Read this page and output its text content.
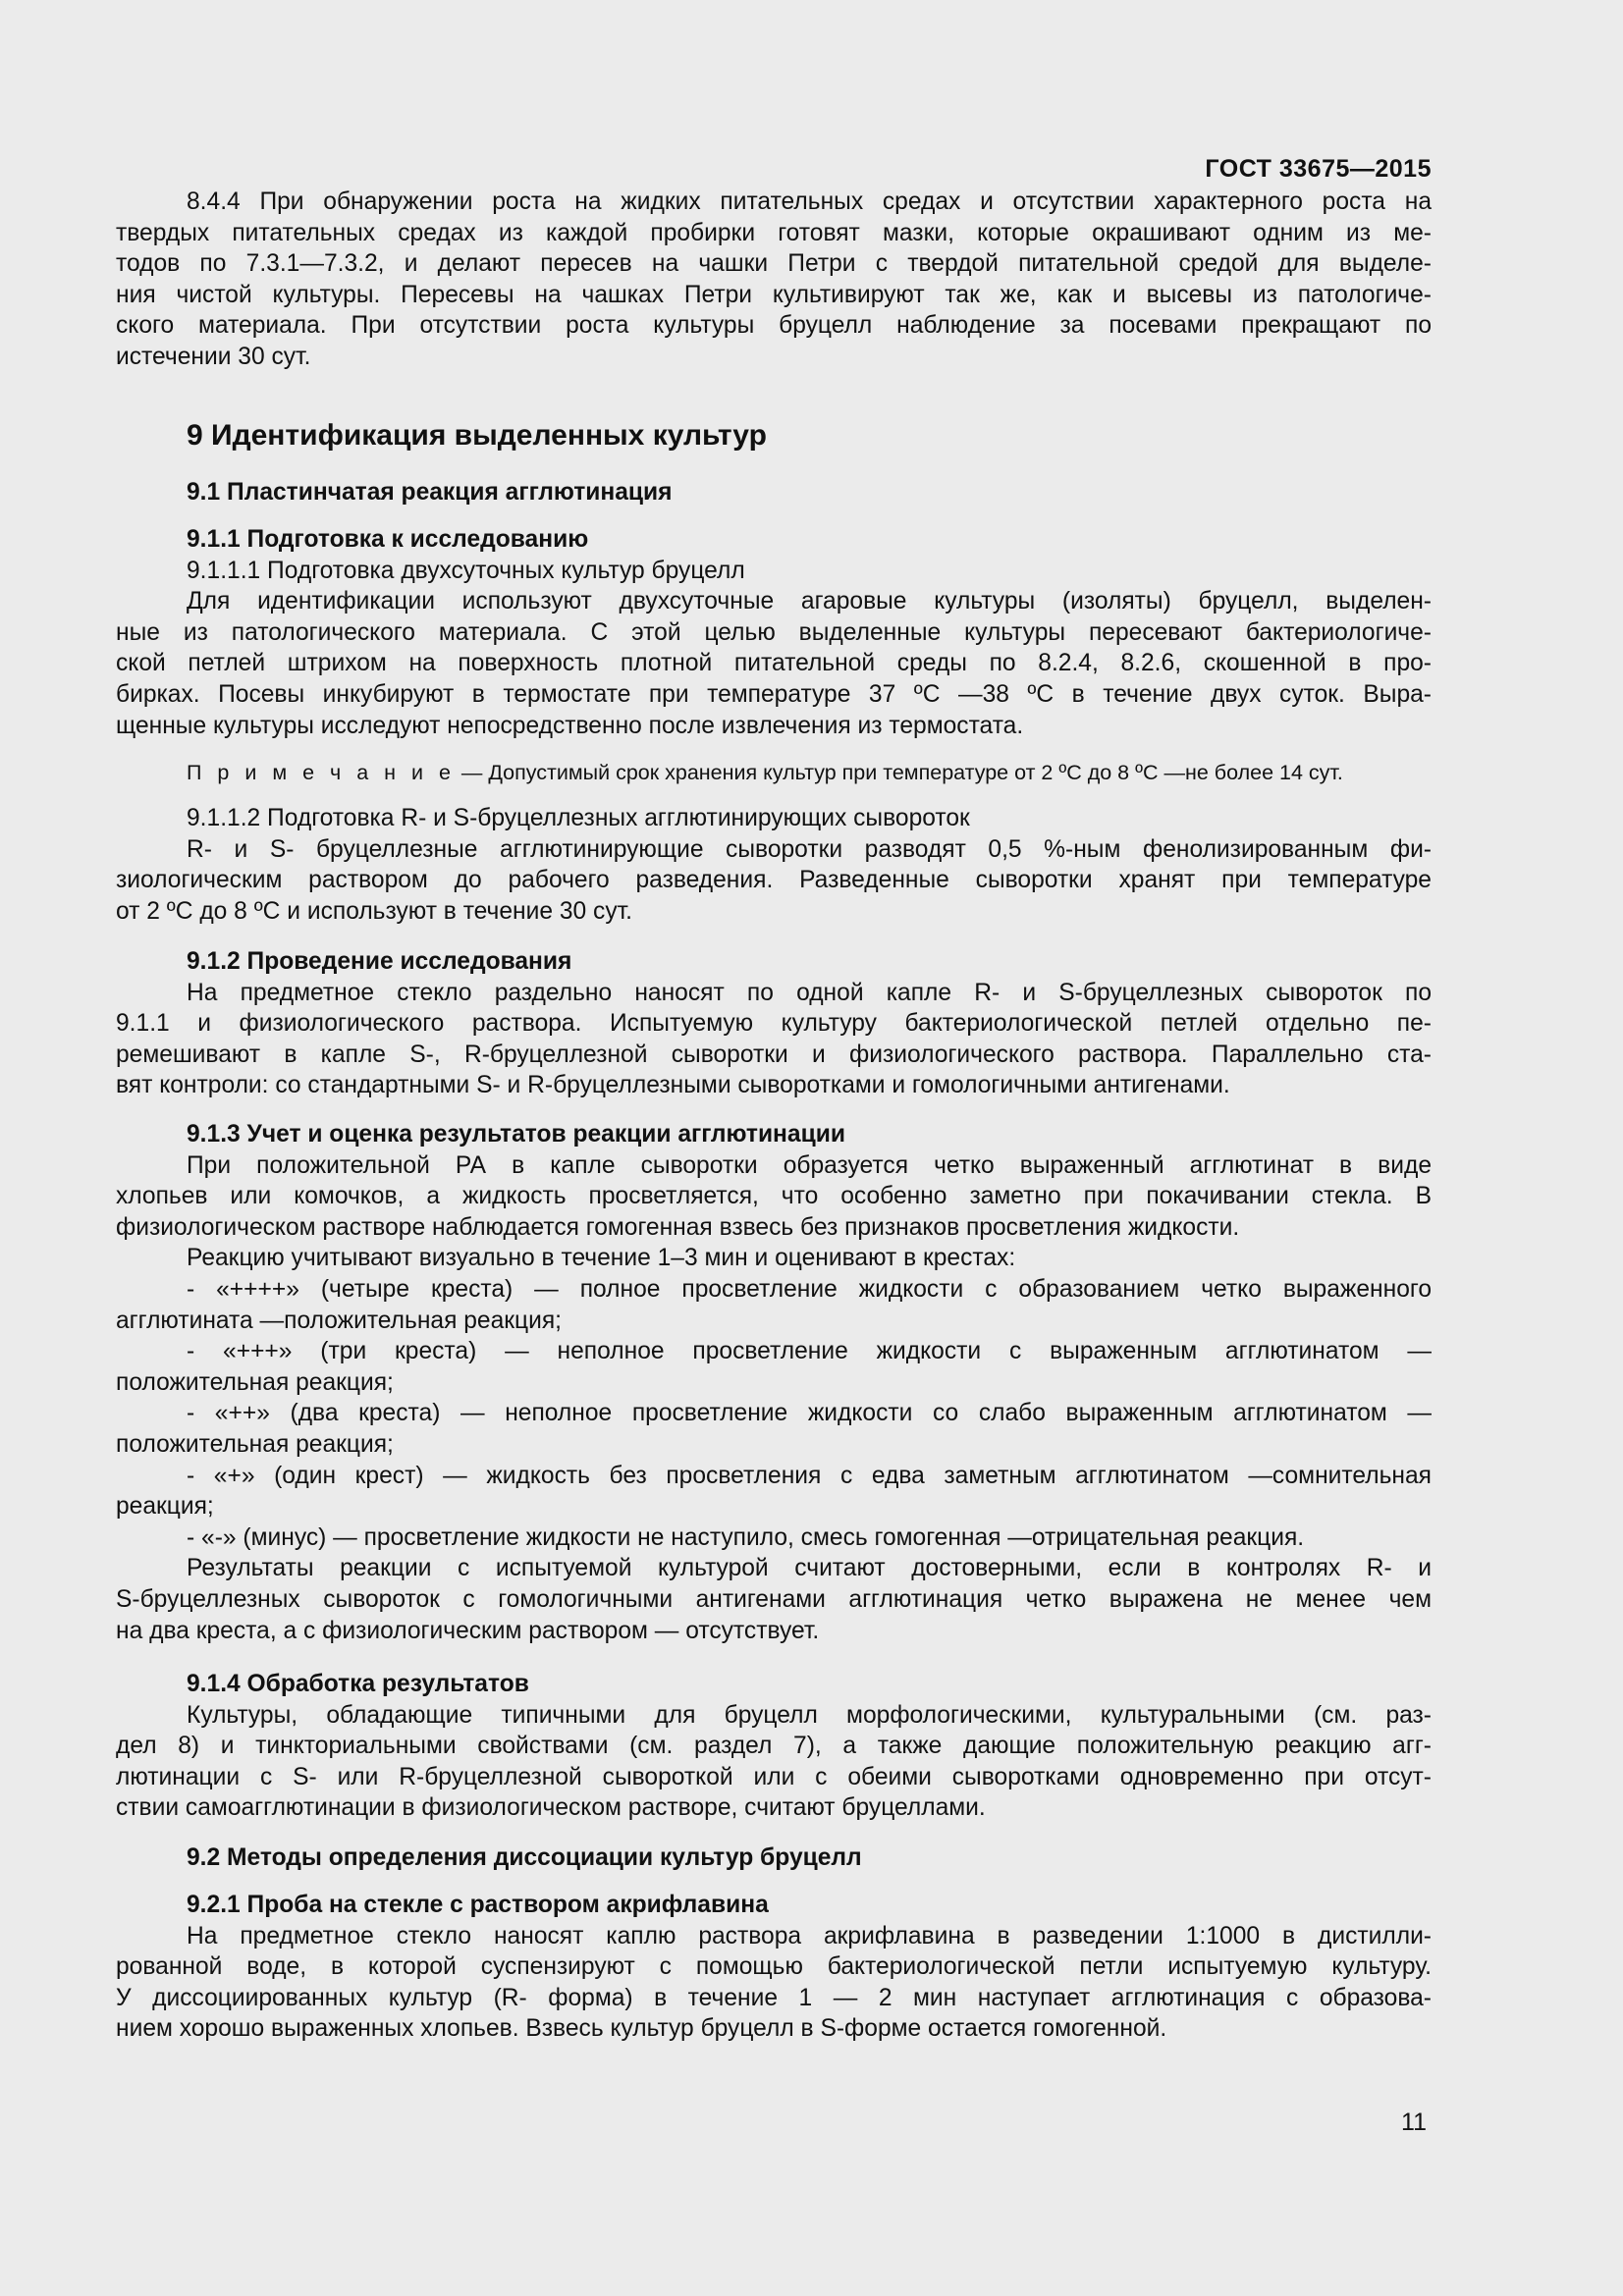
ГОСТ 33675—2015
8.4.4 При обнаружении роста на жидких питательных средах и отсутствии характерного роста на
твердых питательных средах из каждой пробирки готовят мазки, которые окрашивают одним из ме-
тодов по 7.3.1—7.3.2, и делают пересев на чашки Петри с твердой питательной средой для выделе-
ния чистой культуры. Пересевы на чашках Петри культивируют так же, как и высевы из патологиче-
ского материала. При отсутствии роста культуры бруцелл наблюдение за посевами прекращают по
истечении 30 сут.
9 Идентификация выделенных культур
9.1 Пластинчатая реакция агглютинация
9.1.1 Подготовка к исследованию
9.1.1.1 Подготовка двухсуточных культур бруцелл
Для идентификации используют двухсуточные агаровые культуры (изоляты) бруцелл, выделен-
ные из патологического материала. С этой целью выделенные культуры пересевают бактериологиче-
ской петлей штрихом на поверхность плотной питательной среды по 8.2.4, 8.2.6, скошенной в про-
бирках. Посевы инкубируют в термостате при температуре 37 ºС —38 ºС в течение двух суток. Выра-
щенные культуры исследуют непосредственно после извлечения из термостата.
П р и м е ч а н и е — Допустимый срок хранения культур при температуре от 2 ºС до 8 ºС —не более 14 сут.
9.1.1.2 Подготовка R- и S-бруцеллезных агглютинирующих сывороток
R- и S- бруцеллезные агглютинирующие сыворотки разводят 0,5 %-ным фенолизированным фи-
зиологическим раствором до рабочего разведения. Разведенные сыворотки хранят при температуре
от 2 ºС до 8 ºС и используют в течение 30 сут.
9.1.2 Проведение исследования
На предметное стекло раздельно наносят по одной капле R- и S-бруцеллезных сывороток по
9.1.1 и физиологического раствора. Испытуемую культуру бактериологической петлей отдельно пе-
ремешивают в капле S-, R-бруцеллезной сыворотки и физиологического раствора. Параллельно ста-
вят контроли: со стандартными S- и R-бруцеллезными сыворотками и гомологичными антигенами.
9.1.3 Учет и оценка результатов реакции агглютинации
При положительной РА в капле сыворотки образуется четко выраженный агглютинат в виде
хлопьев или комочков, а жидкость просветляется, что особенно заметно при покачивании стекла. В
физиологическом растворе наблюдается гомогенная взвесь без признаков просветления жидкости.
Реакцию учитывают визуально в течение 1–3 мин и оценивают в крестах:
- «++++» (четыре креста) — полное просветление жидкости с образованием четко выраженного
агглютината —положительная реакция;
- «+++» (три креста) — неполное просветление жидкости с выраженным агглютинатом —
положительная реакция;
- «++» (два креста) — неполное просветление жидкости со слабо выраженным агглютинатом —
положительная реакция;
- «+» (один крест) — жидкость без просветления с едва заметным агглютинатом —сомнительная
реакция;
- «-» (минус) — просветление жидкости не наступило, смесь гомогенная —отрицательная реакция.
Результаты реакции с испытуемой культурой считают достоверными, если в контролях R- и
S-бруцеллезных сывороток с гомологичными антигенами агглютинация четко выражена не менее чем
на два креста, а с физиологическим раствором — отсутствует.
9.1.4 Обработка результатов
Культуры, обладающие типичными для бруцелл морфологическими, культуральными (см. раз-
дел 8) и тинкториальными свойствами (см. раздел 7), а также дающие положительную реакцию агг-
лютинации с S- или R-бруцеллезной сывороткой или с обеими сыворотками одновременно при отсут-
ствии самоагглютинации в физиологическом растворе, считают бруцеллами.
9.2 Методы определения диссоциации культур бруцелл
9.2.1 Проба на стекле с раствором акрифлавина
На предметное стекло наносят каплю раствора акрифлавина в разведении 1:1000 в дистилли-
рованной воде, в которой суспензируют с помощью бактериологической петли испытуемую культуру.
У диссоциированных культур (R- форма) в течение 1 — 2 мин наступает агглютинация с образова-
нием хорошо выраженных хлопьев. Взвесь культур бруцелл в S-форме остается гомогенной.
11
